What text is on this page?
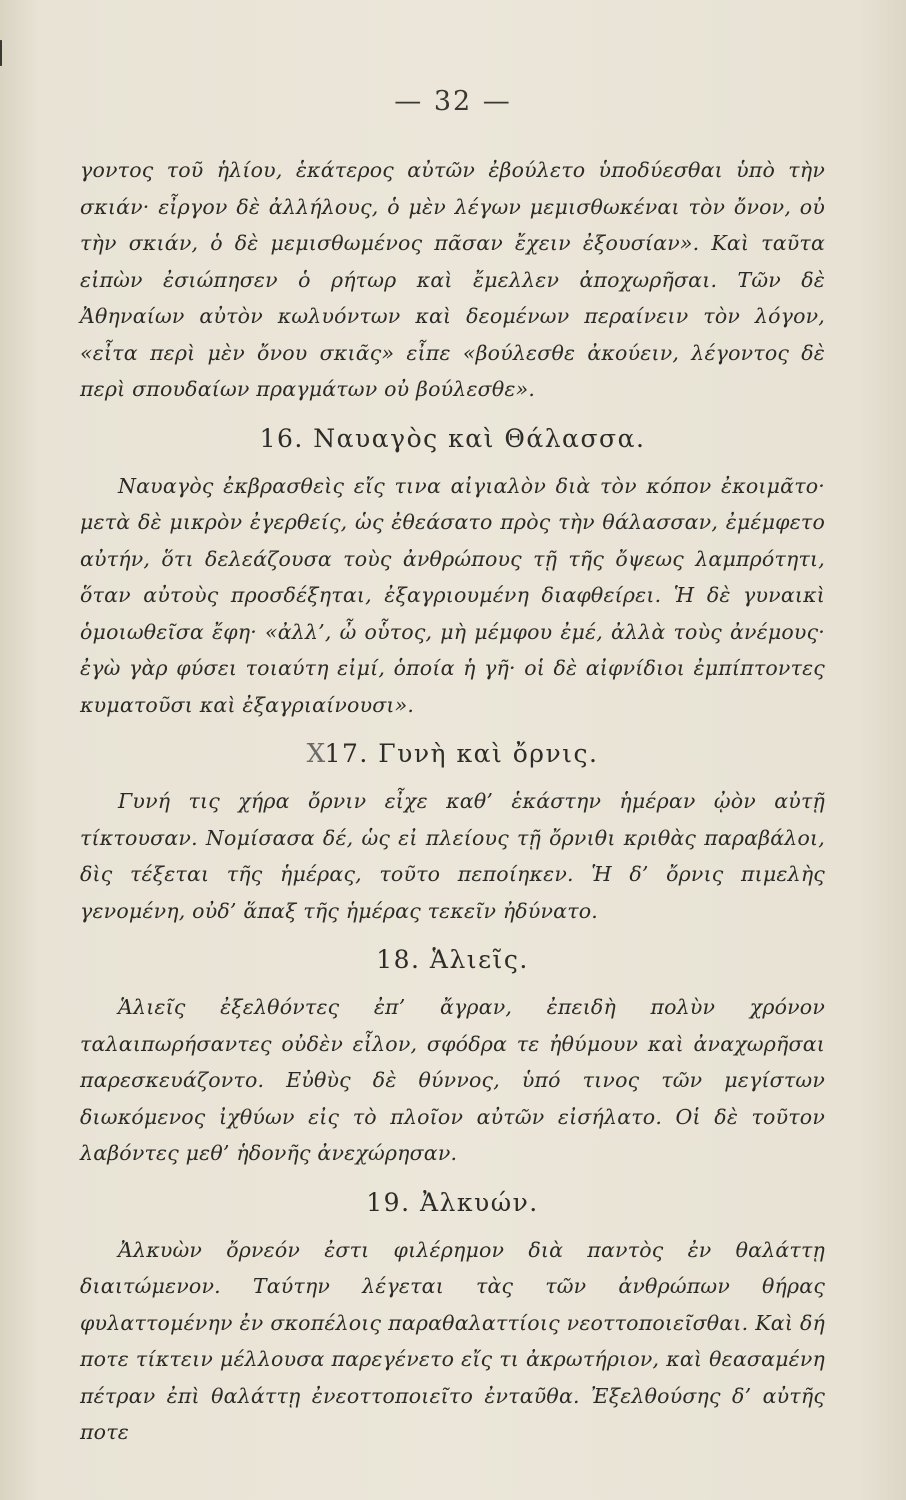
— 32 —

γοντος τοῦ ἡλίου, ἑκάτερος αὐτῶν ἐβούλετο ὑποδύεσθαι ὑπὸ τὴν σκιάν· εἶργον δὲ ἀλλήλους, ὁ μὲν λέγων μεμισθωκέναι τὸν ὄνον, οὐ τὴν σκιάν, ὁ δὲ μεμισθωμένος πᾶσαν ἔχειν ἐξουσίαν». Καὶ ταῦτα εἰπὼν ἐσιώπησεν ὁ ρήτωρ καὶ ἔμελλεν ἀποχωρῆσαι. Τῶν δὲ Ἀθηναίων αὐτὸν κωλυόντων καὶ δεομένων περαίνειν τὸν λόγον, «εἶτα περὶ μὲν ὄνου σκιᾶς» εἶπε «βούλεσθε ἀκούειν, λέγοντος δὲ περὶ σπουδαίων πραγμάτων οὐ βούλεσθε».

16. Ναυαγὸς καὶ Θάλασσα.

Ναυαγὸς ἐκβρασθεὶς εἴς τινα αἰγιαλὸν διὰ τὸν κόπον ἐκοιμᾶτο· μετὰ δὲ μικρὸν ἐγερθείς, ὡς ἐθεάσατο πρὸς τὴν θάλασσαν, ἐμέμφετο αὐτήν, ὅτι δελεάζουσα τοὺς ἀνθρώπους τῇ τῆς ὄψεως λαμπρότητι, ὅταν αὐτοὺς προσδέξηται, ἐξαγριουμένη διαφθείρει. Ἡ δὲ γυναικὶ ὁμοιωθεῖσα ἔφη· «ἀλλ’, ὦ οὗτος, μὴ μέμφου ἐμέ, ἀλλὰ τοὺς ἀνέμους· ἐγὼ γὰρ φύσει τοιαύτη εἰμί, ὁποία ἡ γῆ· οἱ δὲ αἰφνίδιοι ἐμπίπτοντες κυματοῦσι καὶ ἐξαγριαίνουσι».

X17. Γυνὴ καὶ ὄρνις.

Γυνή τις χήρα ὄρνιν εἶχε καθ’ ἑκάστην ἡμέραν ᾠὸν αὐτῇ τίκτουσαν. Νομίσασα δέ, ὡς εἰ πλείους τῇ ὄρνιθι κριθὰς παραβάλοι, δὶς τέξεται τῆς ἡμέρας, τοῦτο πεποίηκεν. Ἡ δ’ ὄρνις πιμελὴς γενομένη, οὐδ’ ἅπαξ τῆς ἡμέρας τεκεῖν ἠδύνατο.

18. Ἁλιεῖς.

Ἁλιεῖς ἐξελθόντες ἐπ’ ἄγραν, ἐπειδὴ πολὺν χρόνον ταλαιπωρήσαντες οὐδὲν εἶλον, σφόδρα τε ἠθύμουν καὶ ἀναχωρῆσαι παρεσκευάζοντο. Εὐθὺς δὲ θύννος, ὑπό τινος τῶν μεγίστων διωκόμενος ἰχθύων εἰς τὸ πλοῖον αὐτῶν εἰσήλατο. Οἱ δὲ τοῦτον λαβόντες μεθ’ ἡδονῆς ἀνεχώρησαν.

19. Ἀλκυών.

Ἀλκυὼν ὄρνεόν ἐστι φιλέρημον διὰ παντὸς ἐν θαλάττῃ διαιτώμενον. Ταύτην λέγεται τὰς τῶν ἀνθρώπων θήρας φυλαττομένην ἐν σκοπέλοις παραθαλαττίοις νεοττοποιεῖσθαι. Καὶ δή ποτε τίκτειν μέλλουσα παρεγένετο εἴς τι ἀκρωτήριον, καὶ θεασαμένη πέτραν ἐπὶ θαλάττῃ ἐνεοττοποιεῖτο ἐνταῦθα. Ἐξελθούσης δ’ αὐτῆς ποτε
